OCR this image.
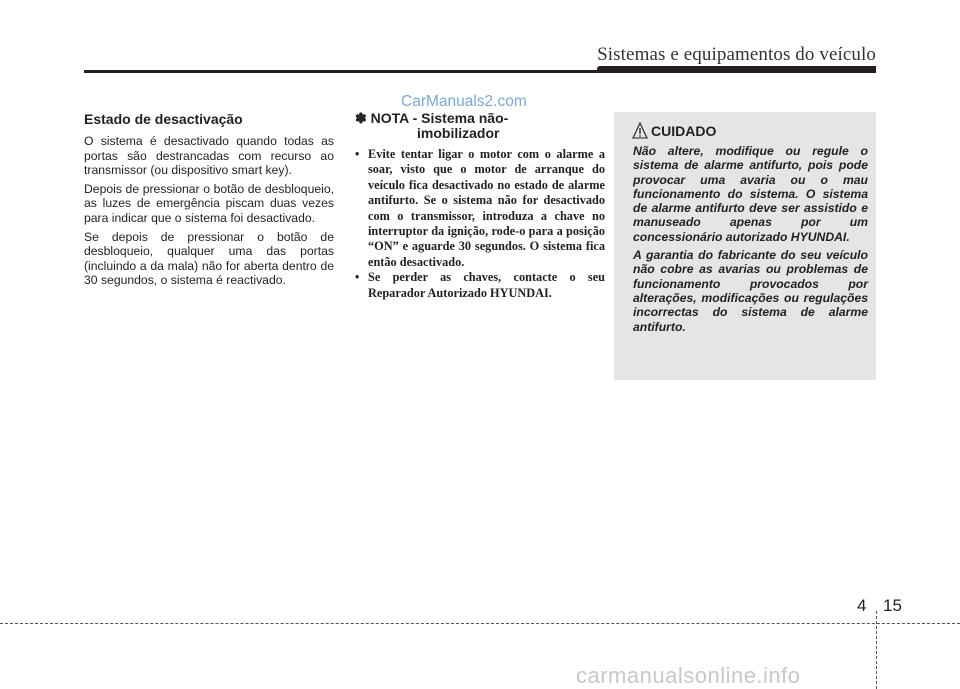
Sistemas e equipamentos do veículo
CarManuals2.com
Estado de desactivação

O sistema é desactivado quando todas as portas são destrancadas com recurso ao transmissor (ou dispositivo smart key).

Depois de pressionar o botão de desbloqueio, as luzes de emergência piscam duas vezes para indicar que o sistema foi desactivado.

Se depois de pressionar o botão de desbloqueio, qualquer uma das portas (incluindo a da mala) não for aberta dentro de 30 segundos, o sistema é reactivado.

✽ NOTA - Sistema não-
imobilizador
• Evite tentar ligar o motor com o alarme a soar, visto que o motor de arranque do veículo fica desactivado no estado de alarme antifurto. Se o sistema não for desactivado com o transmissor, introduza a chave no interruptor da ignição, rode-o para a posição “ON” e aguarde 30 segundos. O sistema fica então desactivado.
• Se perder as chaves, contacte o seu Reparador Autorizado HYUNDAI.
CUIDADO

Não altere, modifique ou regule o sistema de alarme antifurto, pois pode provocar uma avaria ou o mau funcionamento do sistema. O sistema de alarme antifurto deve ser assistido e manuseado apenas por um concessionário autorizado HYUNDAI.

A garantia do fabricante do seu veículo não cobre as avarias ou problemas de funcionamento provocados por alterações, modificações ou regulações incorrectas do sistema de alarme antifurto.

4 15
carmanualsonline.info
